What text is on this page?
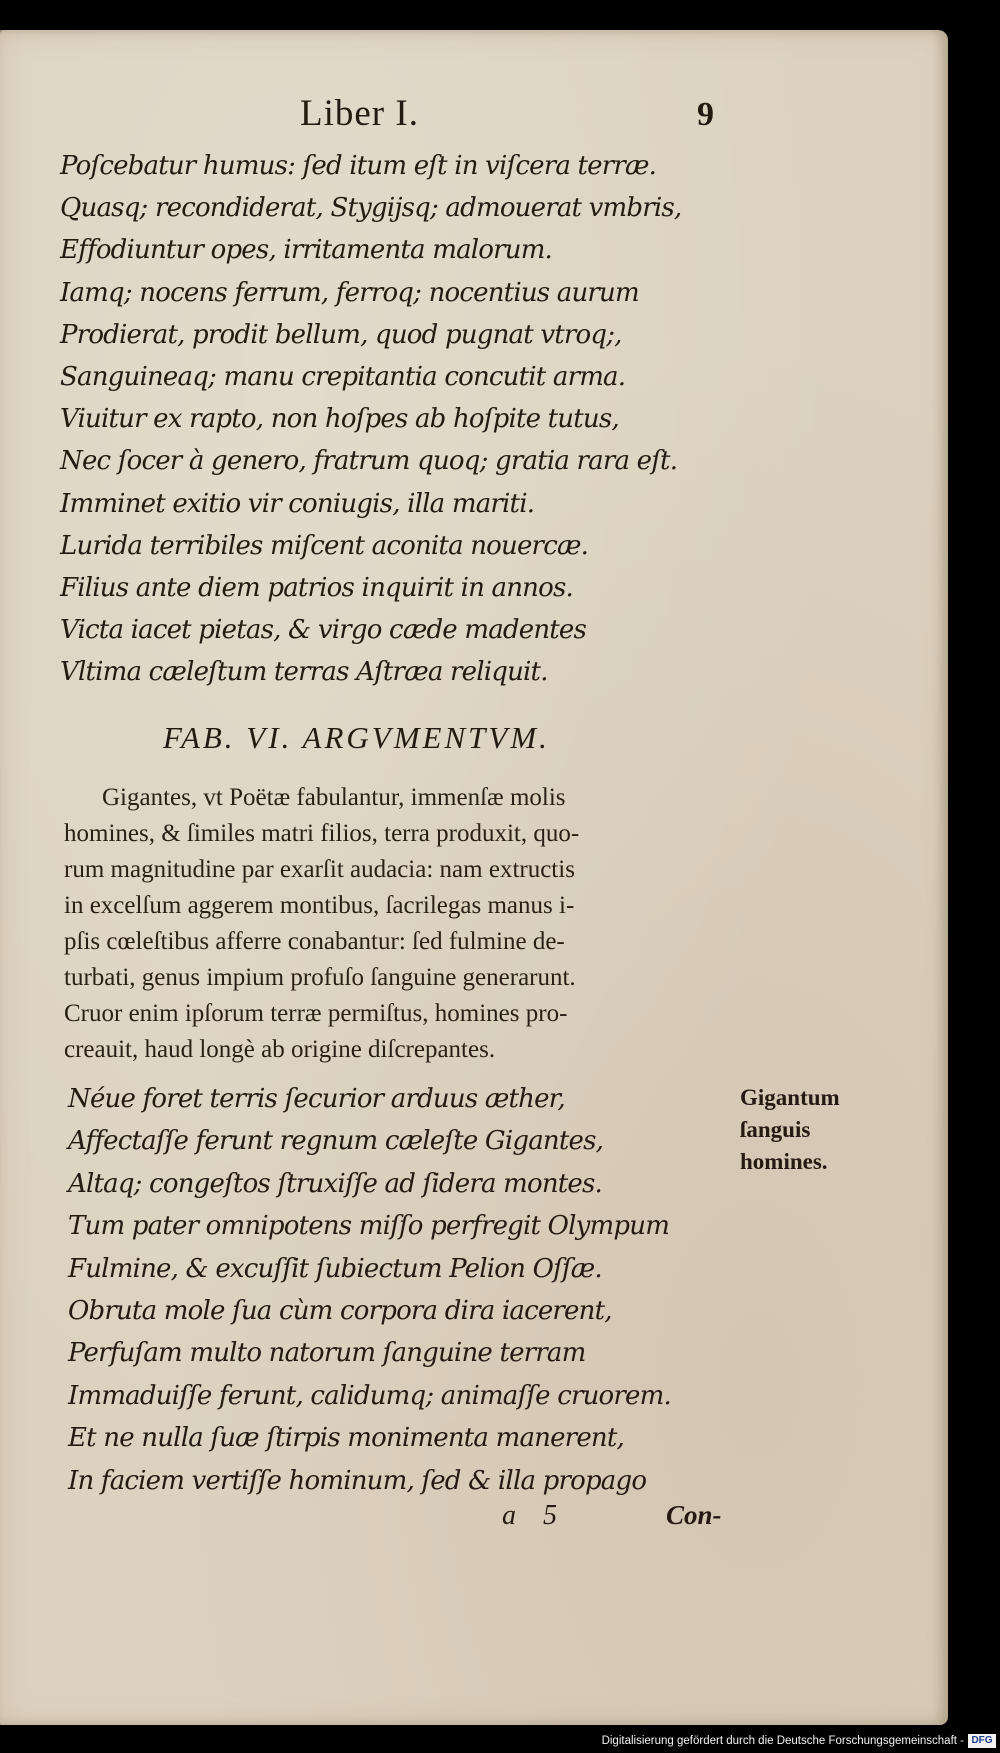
Liber I.	9
Poſcebatur humus: ſed itum eſt in viſcera terræ.
Quasq; recondiderat, Stygijsq; admouerat vmbris,
Effodiuntur opes, irritamenta malorum.
Iamq; nocens ferrum, ferroq; nocentius aurum
Prodierat, prodit bellum, quod pugnat vtroq;,
Sanguineaq; manu crepitantia concutit arma.
Viuitur ex rapto, non hoſpes ab hoſpite tutus,
Nec ſocer à genero, fratrum quoq; gratia rara eſt.
Imminet exitio vir coniugis, illa mariti.
Lurida terribiles miſcent aconita nouercæ.
Filius ante diem patrios inquirit in annos.
Victa iacet pietas, & virgo cæde madentes
Vltima cæleſtum terras Aſtræa reliquit.
FAB. VI. ARGVMENTVM.
Gigantes, vt Poëtæ fabulantur, immenſæ molis
homines, & ſimiles matri filios, terra produxit, quo-
rum magnitudine par exarſit audacia: nam extructis
in excelſum aggerem montibus, ſacrilegas manus i-
pſis cœleſtibus afferre conabantur: ſed fulmine de-
turbati, genus impium profuſo ſanguine generarunt.
Cruor enim ipſorum terræ permiſtus, homines pro-
creauit, haud longè ab origine diſcrepantes.
Néue foret terris ſecurior arduus æther,
Affectaſſe ferunt regnum cæleſte Gigantes,
Altaq; congeſtos ſtruxiſſe ad ſidera montes.
Tum pater omnipotens miſſo perfregit Olympum
Fulmine, & excuſſit ſubiectum Pelion Oſſæ.
Obruta mole ſua cùm corpora dira iacerent,
Perfuſam multo natorum ſanguine terram
Immaduiſſe ferunt, calidumq; animaſſe cruorem.
Et ne nulla ſuæ ſtirpis monimenta manerent,
In faciem vertiſſe hominum, ſed & illa propago
Gigantum
ſanguis
homines.
a 5	Con-
Digitalisierung gefördert durch die Deutsche Forschungsgemeinschaft - DFG
